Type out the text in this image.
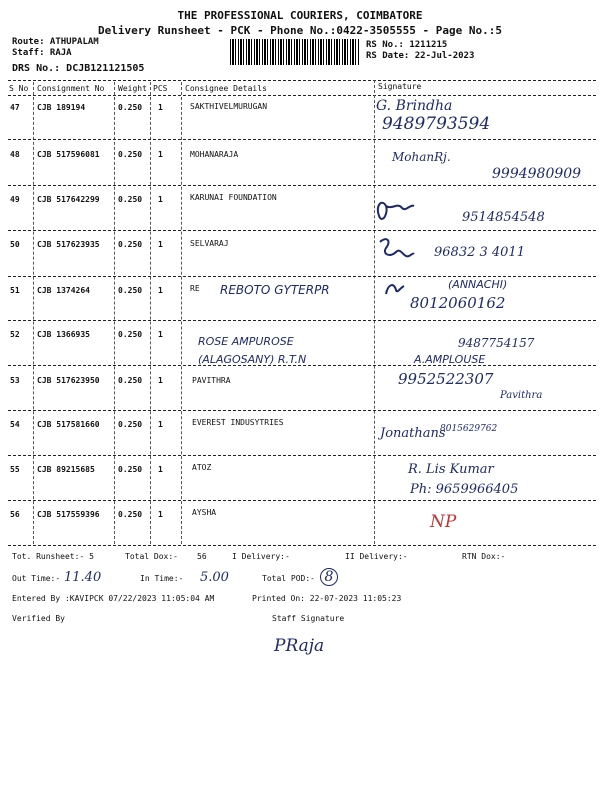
THE PROFESSIONAL COURIERS, COIMBATORE
Delivery Runsheet - PCK - Phone No.:0422-3505555 - Page No.:5
Route: ATHUPALAM
Staff: RAJA
DRS No.: DCJB121121505
RS No.: 1211215
RS Date: 22-Jul-2023
S No Consignment No Weight PCS Consignee Details	Signature
47 CJB 189194	0.250 1	SAKTHIVELMURUGAN	G. Brindha
9489793594
48 CJB 517596081 0.250 1	MOHANARAJA	MohanRj.
9994980909
49 CJB 517642299 0.250 1	KARUNAI FOUNDATION
9514854548
50 CJB 517623935 0.250 1	SELVARAJ
96832 3 4011
51 CJB 1374264	0.250 1	RE REBOTO GYTERPR	(ANNACHI)
8012060162
52 CJB 1366935	0.250 1
ROSE AMPUROSE (ALAGOSANY) R.T.N
9487754157
A.AMPLOUSE
53 CJB 517623950 0.250 1	PAVITHRA	9952522307
Pavithra
54 CJB 517581660 0.250 1	EVEREST INDUSYTRIES
Jonathans
8015629762
55 CJB 89215685	0.250 1	ATOZ	R. Lis Kumar
Ph: 9659966405
56 CJB 517559396 0.250 1	AYSHA	NP
Tot. Runsheet:- 5	Total Dox:- 56	I Delivery:-	II Delivery:-	RTN Dox:-
Out Time:- 11.40	In Time:- 5.00	Total POD:- 8
Entered By :KAVIPCK 07/22/2023 11:05:04 AM	Printed On: 22-07-2023 11:05:23
Verified By	Staff Signature
PRaja
